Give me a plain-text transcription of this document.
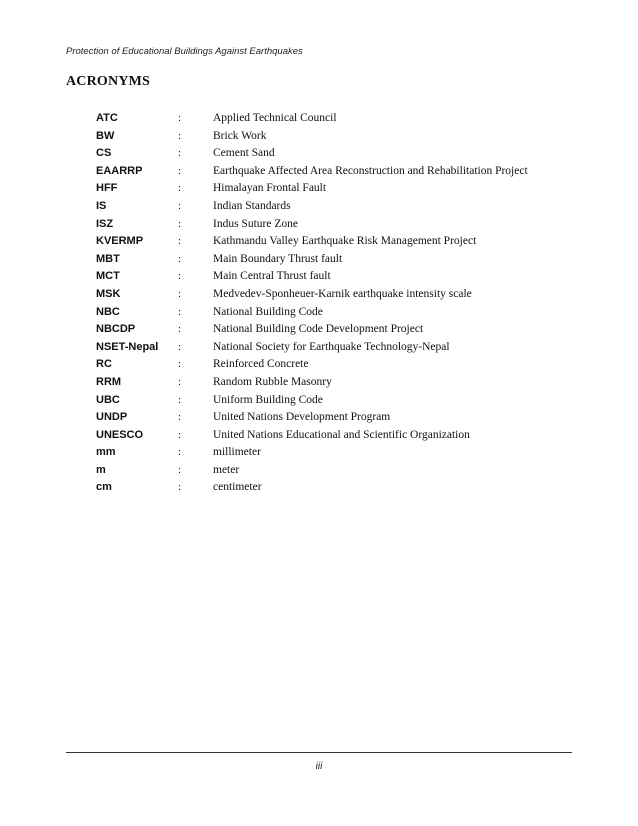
Protection of Educational Buildings Against Earthquakes
ACRONYMS
ATC	:	Applied Technical Council
BW	:	Brick Work
CS	:	Cement Sand
EAARRP	:	Earthquake Affected Area Reconstruction and Rehabilitation Project
HFF	:	Himalayan Frontal Fault
IS	:	Indian Standards
ISZ	:	Indus Suture Zone
KVERMP	:	Kathmandu Valley Earthquake Risk Management Project
MBT	:	Main Boundary Thrust fault
MCT	:	Main Central Thrust fault
MSK	:	Medvedev-Sponheuer-Karnik earthquake intensity scale
NBC	:	National Building Code
NBCDP	:	National Building Code Development Project
NSET-Nepal :	National Society for Earthquake Technology-Nepal
RC	:	Reinforced Concrete
RRM	:	Random Rubble Masonry
UBC	:	Uniform Building Code
UNDP	:	United Nations Development Program
UNESCO	:	United Nations Educational and Scientific Organization
mm	:	millimeter
m	:	meter
cm	:	centimeter
iii
